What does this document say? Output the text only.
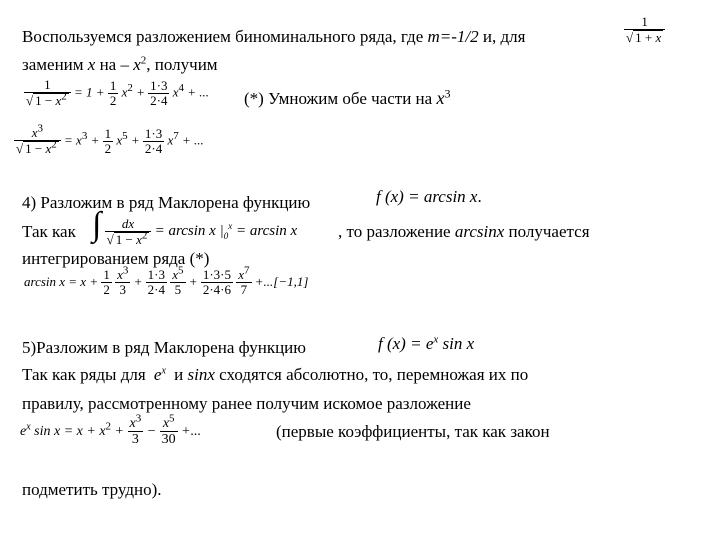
Воспользуемся разложением биноминального ряда, где m=-1/2 и, для	$\frac{1}{√ 1 + x}$
заменим x на – $x^2$, получим
$\frac{1}{√ 1 - x^2} = 1 + \frac{1}{2} x^2 + \frac{1\cdot 3}{2\cdot 4} x^4$ + ... (*) Умножим обе части на $x^3$
$\frac{x^3}{√ 1 - x^2} = x^3 + \frac{1}{2} x^5 + \frac{1\cdot 3}{2\cdot 4} x^7$ + ...
4) Разложим в ряд Маклорена функцию	f (x) = arcsin x.
Так как ∫ $\frac{dx}{√ 1 - x^2} = \arcsin x$ $|_0^x = \arcsin x$ , то разложение arcsinx получается
интегрированием ряда (*)
$\arcsin x = x + \frac{1}{2}$
$\frac{x^3}{3} + \frac{1\cdot 3}{2\cdot 4}$
$\frac{x^5}{5} + \frac{1\cdot 3\cdot 5}{2\cdot 4\cdot 6}$
$\frac{x^7}{7} +...[-1,1]$
5)Разложим в ряд Маклорена функцию	f $(x) = e^x$ sin x
Так как ряды для $e^x$ и sinx сходятся абсолютно, то, перемножая их по
правилу, рассмотренному ранее получим искомое разложение
$e^x$ $\sin x = x + x^2 + \frac{x^3}{3} - \frac{x^5}{30}$ +...	(первые коэффициенты, так как закон
подметить трудно).
